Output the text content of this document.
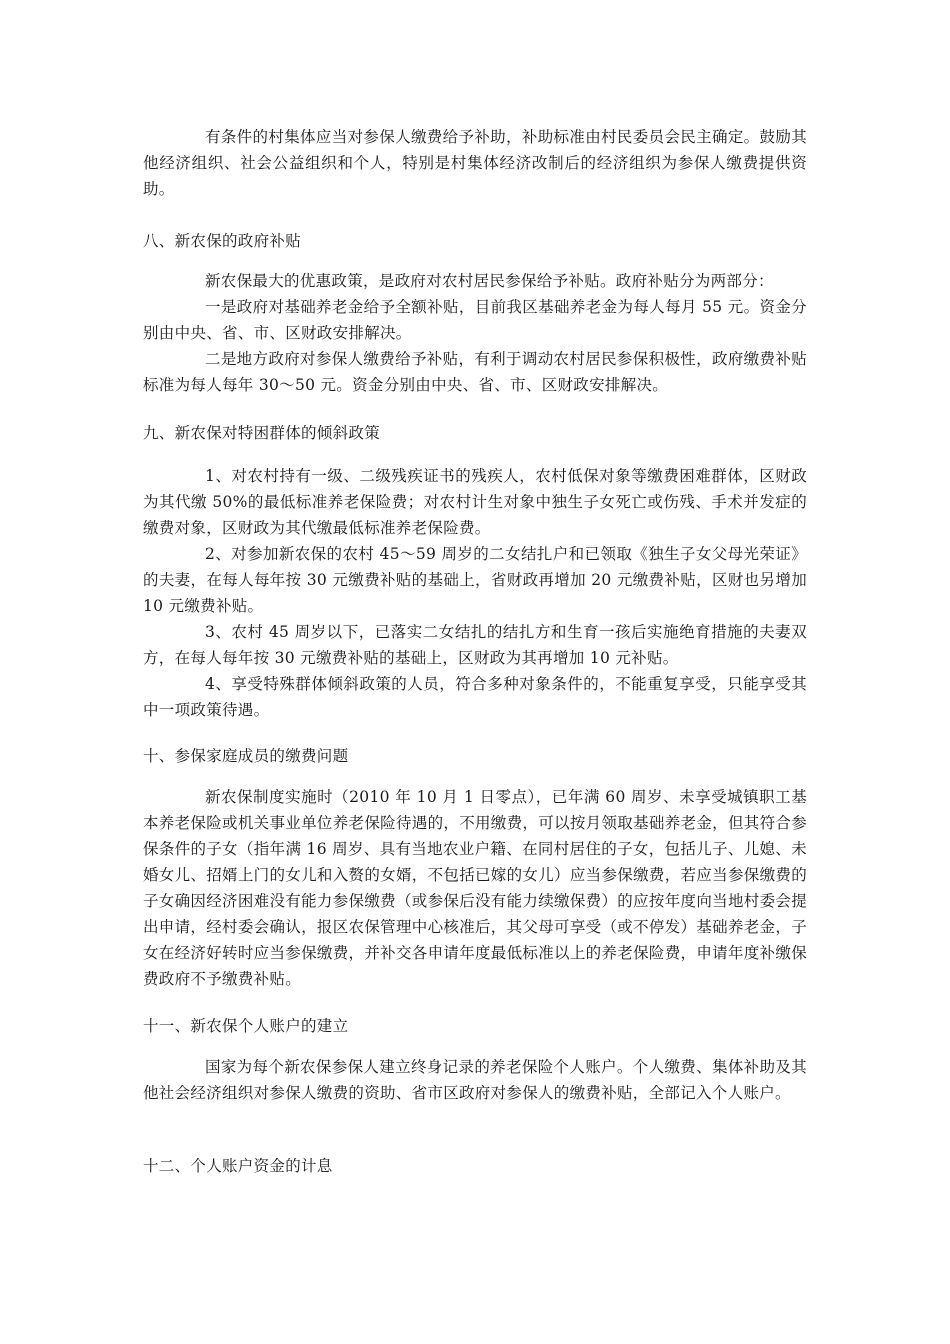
有条件的村集体应当对参保人缴费给予补助，补助标准由村民委员会民主确定。鼓励其他经济组织、社会公益组织和个人，特别是村集体经济改制后的经济组织为参保人缴费提供资助。

八、新农保的政府补贴

新农保最大的优惠政策，是政府对农村居民参保给予补贴。政府补贴分为两部分：

一是政府对基础养老金给予全额补贴，目前我区基础养老金为每人每月 55 元。资金分别由中央、省、市、区财政安排解决。

二是地方政府对参保人缴费给予补贴，有利于调动农村居民参保积极性，政府缴费补贴标准为每人每年 30～50 元。资金分别由中央、省、市、区财政安排解决。

九、新农保对特困群体的倾斜政策

1、对农村持有一级、二级残疾证书的残疾人，农村低保对象等缴费困难群体，区财政为其代缴 50%的最低标准养老保险费；对农村计生对象中独生子女死亡或伤残、手术并发症的缴费对象，区财政为其代缴最低标准养老保险费。

2、对参加新农保的农村 45～59 周岁的二女结扎户和已领取《独生子女父母光荣证》的夫妻，在每人每年按 30 元缴费补贴的基础上，省财政再增加 20 元缴费补贴，区财也另增加 10 元缴费补贴。

3、农村 45 周岁以下，已落实二女结扎的结扎方和生育一孩后实施绝育措施的夫妻双方，在每人每年按 30 元缴费补贴的基础上，区财政为其再增加 10 元补贴。

4、享受特殊群体倾斜政策的人员，符合多种对象条件的，不能重复享受，只能享受其中一项政策待遇。

十、参保家庭成员的缴费问题

新农保制度实施时（2010 年 10 月 1 日零点），已年满 60 周岁、未享受城镇职工基本养老保险或机关事业单位养老保险待遇的，不用缴费，可以按月领取基础养老金，但其符合参保条件的子女（指年满 16 周岁、具有当地农业户籍、在同村居住的子女，包括儿子、儿媳、未婚女儿、招婿上门的女儿和入赘的女婿，不包括已嫁的女儿）应当参保缴费，若应当参保缴费的子女确因经济困难没有能力参保缴费（或参保后没有能力续缴保费）的应按年度向当地村委会提出申请，经村委会确认，报区农保管理中心核准后，其父母可享受（或不停发）基础养老金，子女在经济好转时应当参保缴费，并补交各申请年度最低标准以上的养老保险费，申请年度补缴保费政府不予缴费补贴。

十一、新农保个人账户的建立

国家为每个新农保参保人建立终身记录的养老保险个人账户。个人缴费、集体补助及其他社会经济组织对参保人缴费的资助、省市区政府对参保人的缴费补贴，全部记入个人账户。

十二、个人账户资金的计息
